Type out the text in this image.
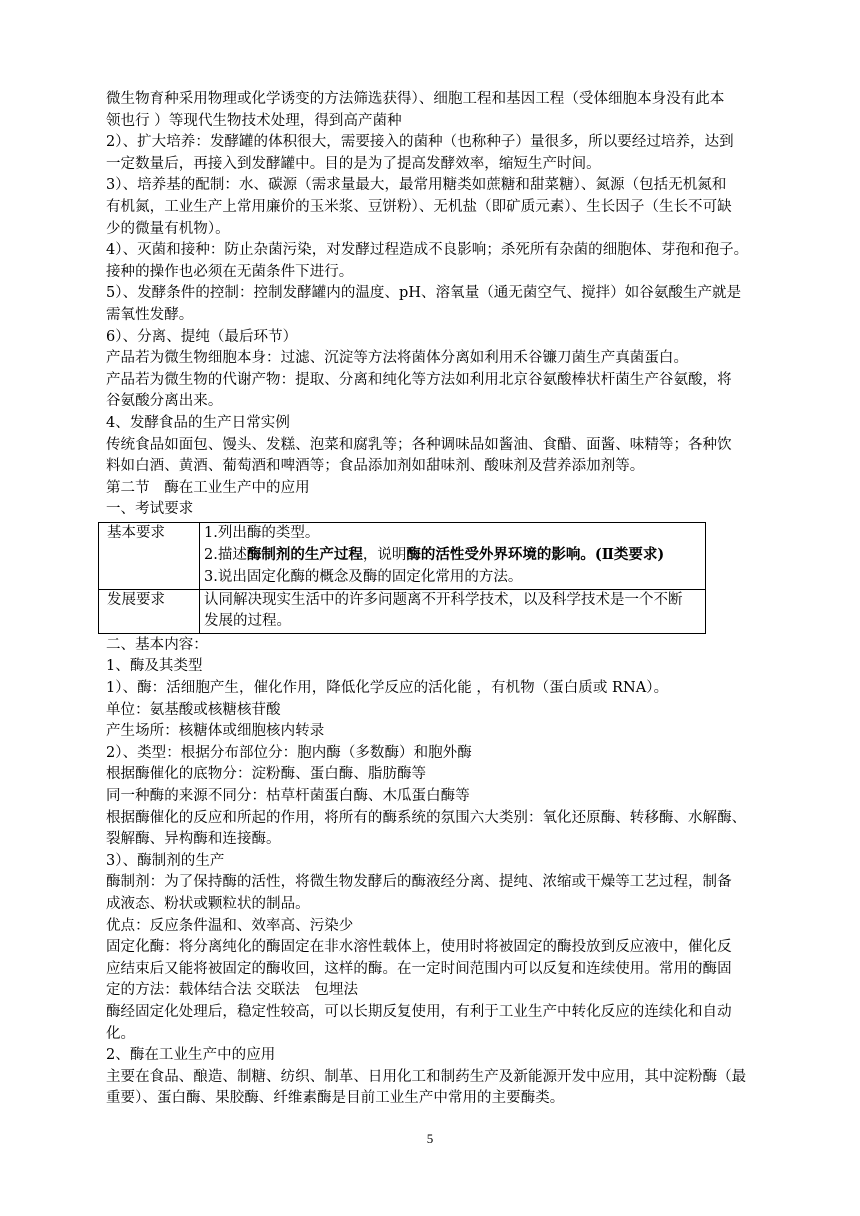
微生物育种采用物理或化学诱变的方法筛选获得）、细胞工程和基因工程（受体细胞本身没有此本
领也行 ）等现代生物技术处理，得到高产菌种
2）、扩大培养：发酵罐的体积很大，需要接入的菌种（也称种子）量很多，所以要经过培养，达到
一定数量后，再接入到发酵罐中。目的是为了提高发酵效率，缩短生产时间。
3）、培养基的配制：水、碳源（需求量最大，最常用糖类如蔗糖和甜菜糖）、氮源（包括无机氮和
有机氮，工业生产上常用廉价的玉米浆、豆饼粉）、无机盐（即矿质元素）、生长因子（生长不可缺
少的微量有机物）。
4）、灭菌和接种：防止杂菌污染，对发酵过程造成不良影响；杀死所有杂菌的细胞体、芽孢和孢子。
接种的操作也必须在无菌条件下进行。
5）、发酵条件的控制：控制发酵罐内的温度、pH、溶氧量（通无菌空气、搅拌）如谷氨酸生产就是
需氧性发酵。
6）、分离、提纯（最后环节）
产品若为微生物细胞本身：过滤、沉淀等方法将菌体分离如利用禾谷镰刀菌生产真菌蛋白。
产品若为微生物的代谢产物：提取、分离和纯化等方法如利用北京谷氨酸棒状杆菌生产谷氨酸，将
谷氨酸分离出来。
4、发酵食品的生产日常实例
传统食品如面包、馒头、发糕、泡菜和腐乳等；各种调味品如酱油、食醋、面酱、味精等；各种饮
料如白酒、黄酒、葡萄酒和啤酒等；食品添加剂如甜味剂、酸味剂及营养添加剂等。
第二节　酶在工业生产中的应用
一、考试要求
基本要求	1.列出酶的类型。
2.描述酶制剂的生产过程，说明酶的活性受外界环境的影响。(Ⅱ类要求)
3.说出固定化酶的概念及酶的固定化常用的方法。

发展要求	认同解决现实生活中的许多问题离不开科学技术，以及科学技术是一个不断
发展的过程。
二、基本内容：
1、酶及其类型
1）、酶：活细胞产生，催化作用，降低化学反应的活化能 ，有机物（蛋白质或 RNA）。
单位：氨基酸或核糖核苷酸
产生场所：核糖体或细胞核内转录
2）、类型：根据分布部位分：胞内酶（多数酶）和胞外酶
根据酶催化的底物分：淀粉酶、蛋白酶、脂肪酶等
同一种酶的来源不同分：枯草杆菌蛋白酶、木瓜蛋白酶等
根据酶催化的反应和所起的作用，将所有的酶系统的氛围六大类别：氧化还原酶、转移酶、水解酶、
裂解酶、异构酶和连接酶。
3）、酶制剂的生产
酶制剂：为了保持酶的活性，将微生物发酵后的酶液经分离、提纯、浓缩或干燥等工艺过程，制备
成液态、粉状或颗粒状的制品。
优点：反应条件温和、效率高、污染少
固定化酶：将分离纯化的酶固定在非水溶性载体上，使用时将被固定的酶投放到反应液中，催化反
应结束后又能将被固定的酶收回，这样的酶。在一定时间范围内可以反复和连续使用。常用的酶固
定的方法：载体结合法 交联法　包埋法
酶经固定化处理后，稳定性较高，可以长期反复使用，有利于工业生产中转化反应的连续化和自动
化。
2、酶在工业生产中的应用
主要在食品、酿造、制糖、纺织、制革、日用化工和制药生产及新能源开发中应用，其中淀粉酶（最
重要）、蛋白酶、果胶酶、纤维素酶是目前工业生产中常用的主要酶类。
5
